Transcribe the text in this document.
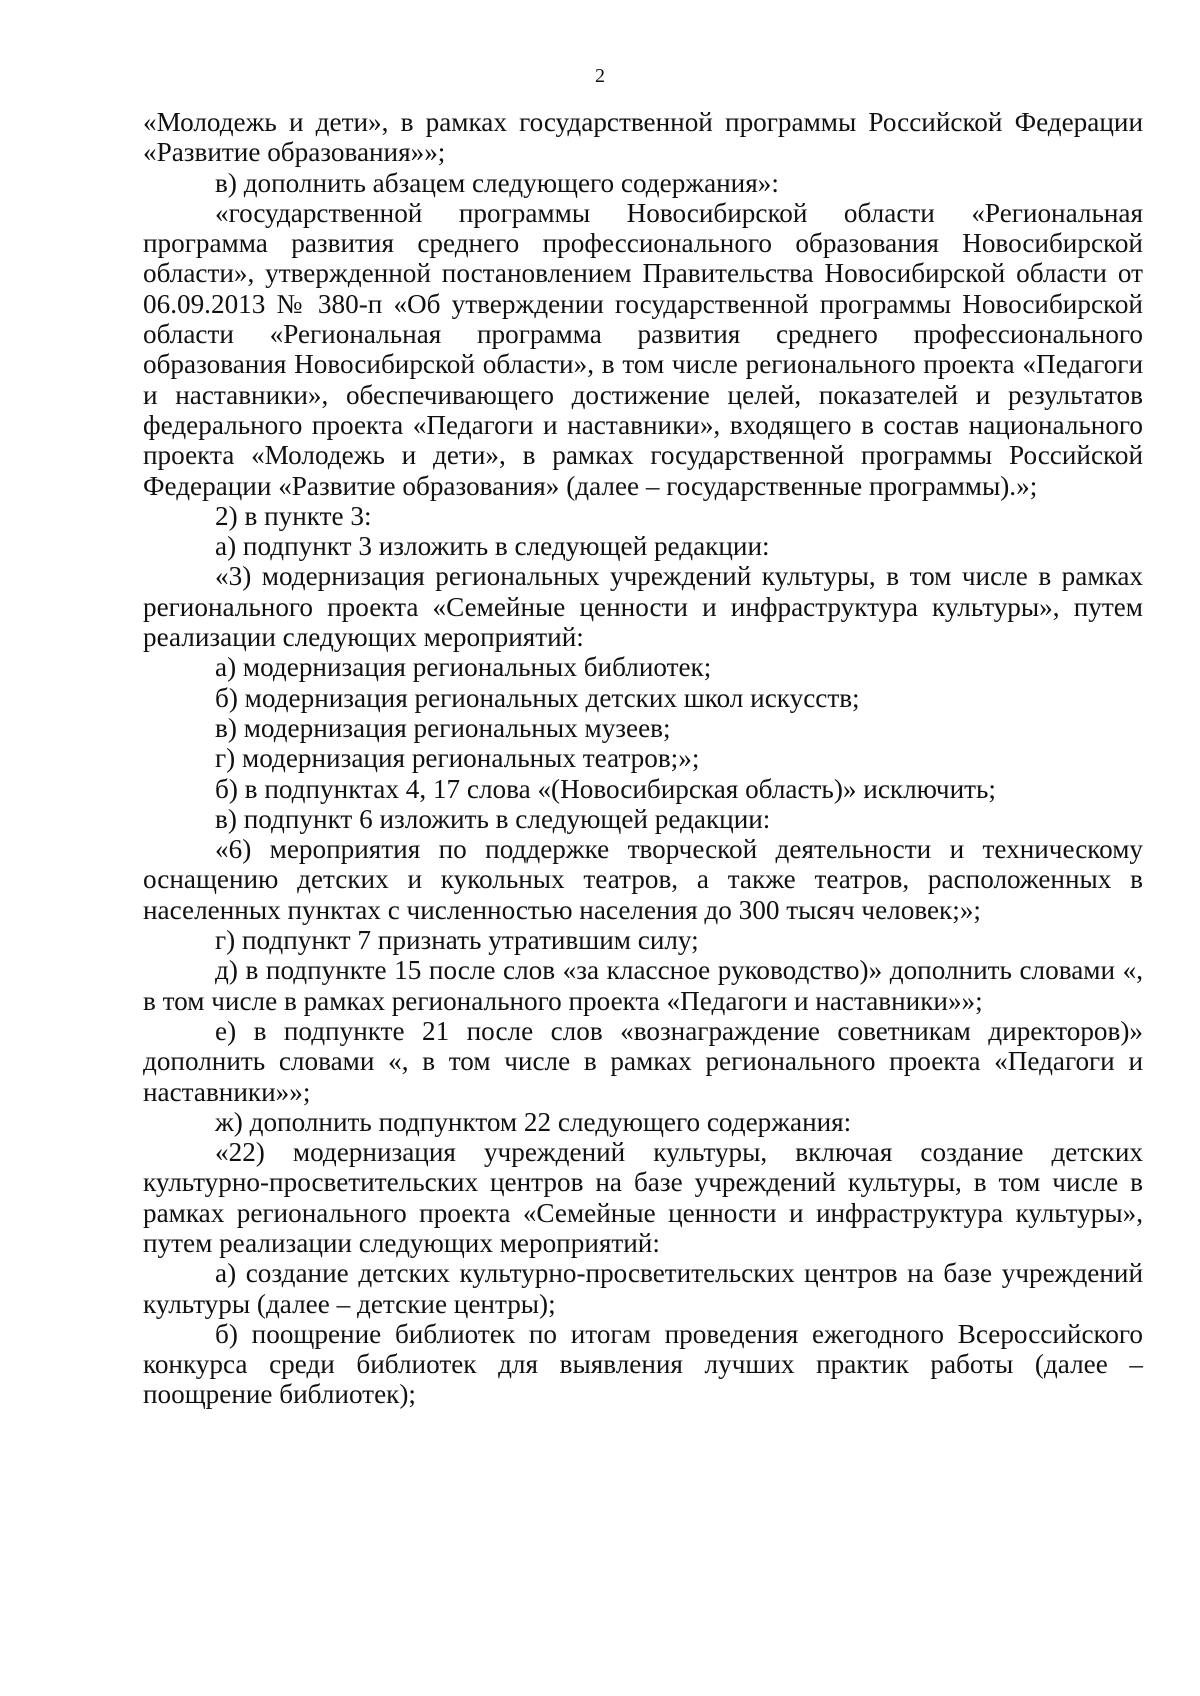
2

«Молодежь и дети», в рамках государственной программы Российской Федерации «Развитие образования»»;

в) дополнить абзацем следующего содержания»:

«государственной программы Новосибирской области «Региональная программа развития среднего профессионального образования Новосибирской области», утвержденной постановлением Правительства Новосибирской области от 06.09.2013 № 380-п «Об утверждении государственной программы Новосибирской области «Региональная программа развития среднего профессионального образования Новосибирской области», в том числе регионального проекта «Педагоги и наставники», обеспечивающего достижение целей, показателей и результатов федерального проекта «Педагоги и наставники», входящего в состав национального проекта «Молодежь и дети», в рамках государственной программы Российской Федерации «Развитие образования» (далее – государственные программы).»;

2) в пункте 3:

а) подпункт 3 изложить в следующей редакции:

«3) модернизация региональных учреждений культуры, в том числе в рамках регионального проекта «Семейные ценности и инфраструктура культуры», путем реализации следующих мероприятий:

а) модернизация региональных библиотек;

б) модернизация региональных детских школ искусств;

в) модернизация региональных музеев;

г) модернизация региональных театров;»;

б) в подпунктах 4, 17 слова «(Новосибирская область)» исключить;

в) подпункт 6 изложить в следующей редакции:

«6) мероприятия по поддержке творческой деятельности и техническому оснащению детских и кукольных театров, а также театров, расположенных в населенных пунктах с численностью населения до 300 тысяч человек;»;

г) подпункт 7 признать утратившим силу;

д) в подпункте 15 после слов «за классное руководство)» дополнить словами «, в том числе в рамках регионального проекта «Педагоги и наставники»»;

е) в подпункте 21 после слов «вознаграждение советникам директоров)» дополнить словами «, в том числе в рамках регионального проекта «Педагоги и наставники»»;

ж) дополнить подпунктом 22 следующего содержания:

«22) модернизация учреждений культуры, включая создание детских культурно-просветительских центров на базе учреждений культуры, в том числе в рамках регионального проекта «Семейные ценности и инфраструктура культуры», путем реализации следующих мероприятий:

а) создание детских культурно-просветительских центров на базе учреждений культуры (далее – детские центры);

б) поощрение библиотек по итогам проведения ежегодного Всероссийского конкурса среди библиотек для выявления лучших практик работы (далее – поощрение библиотек);
